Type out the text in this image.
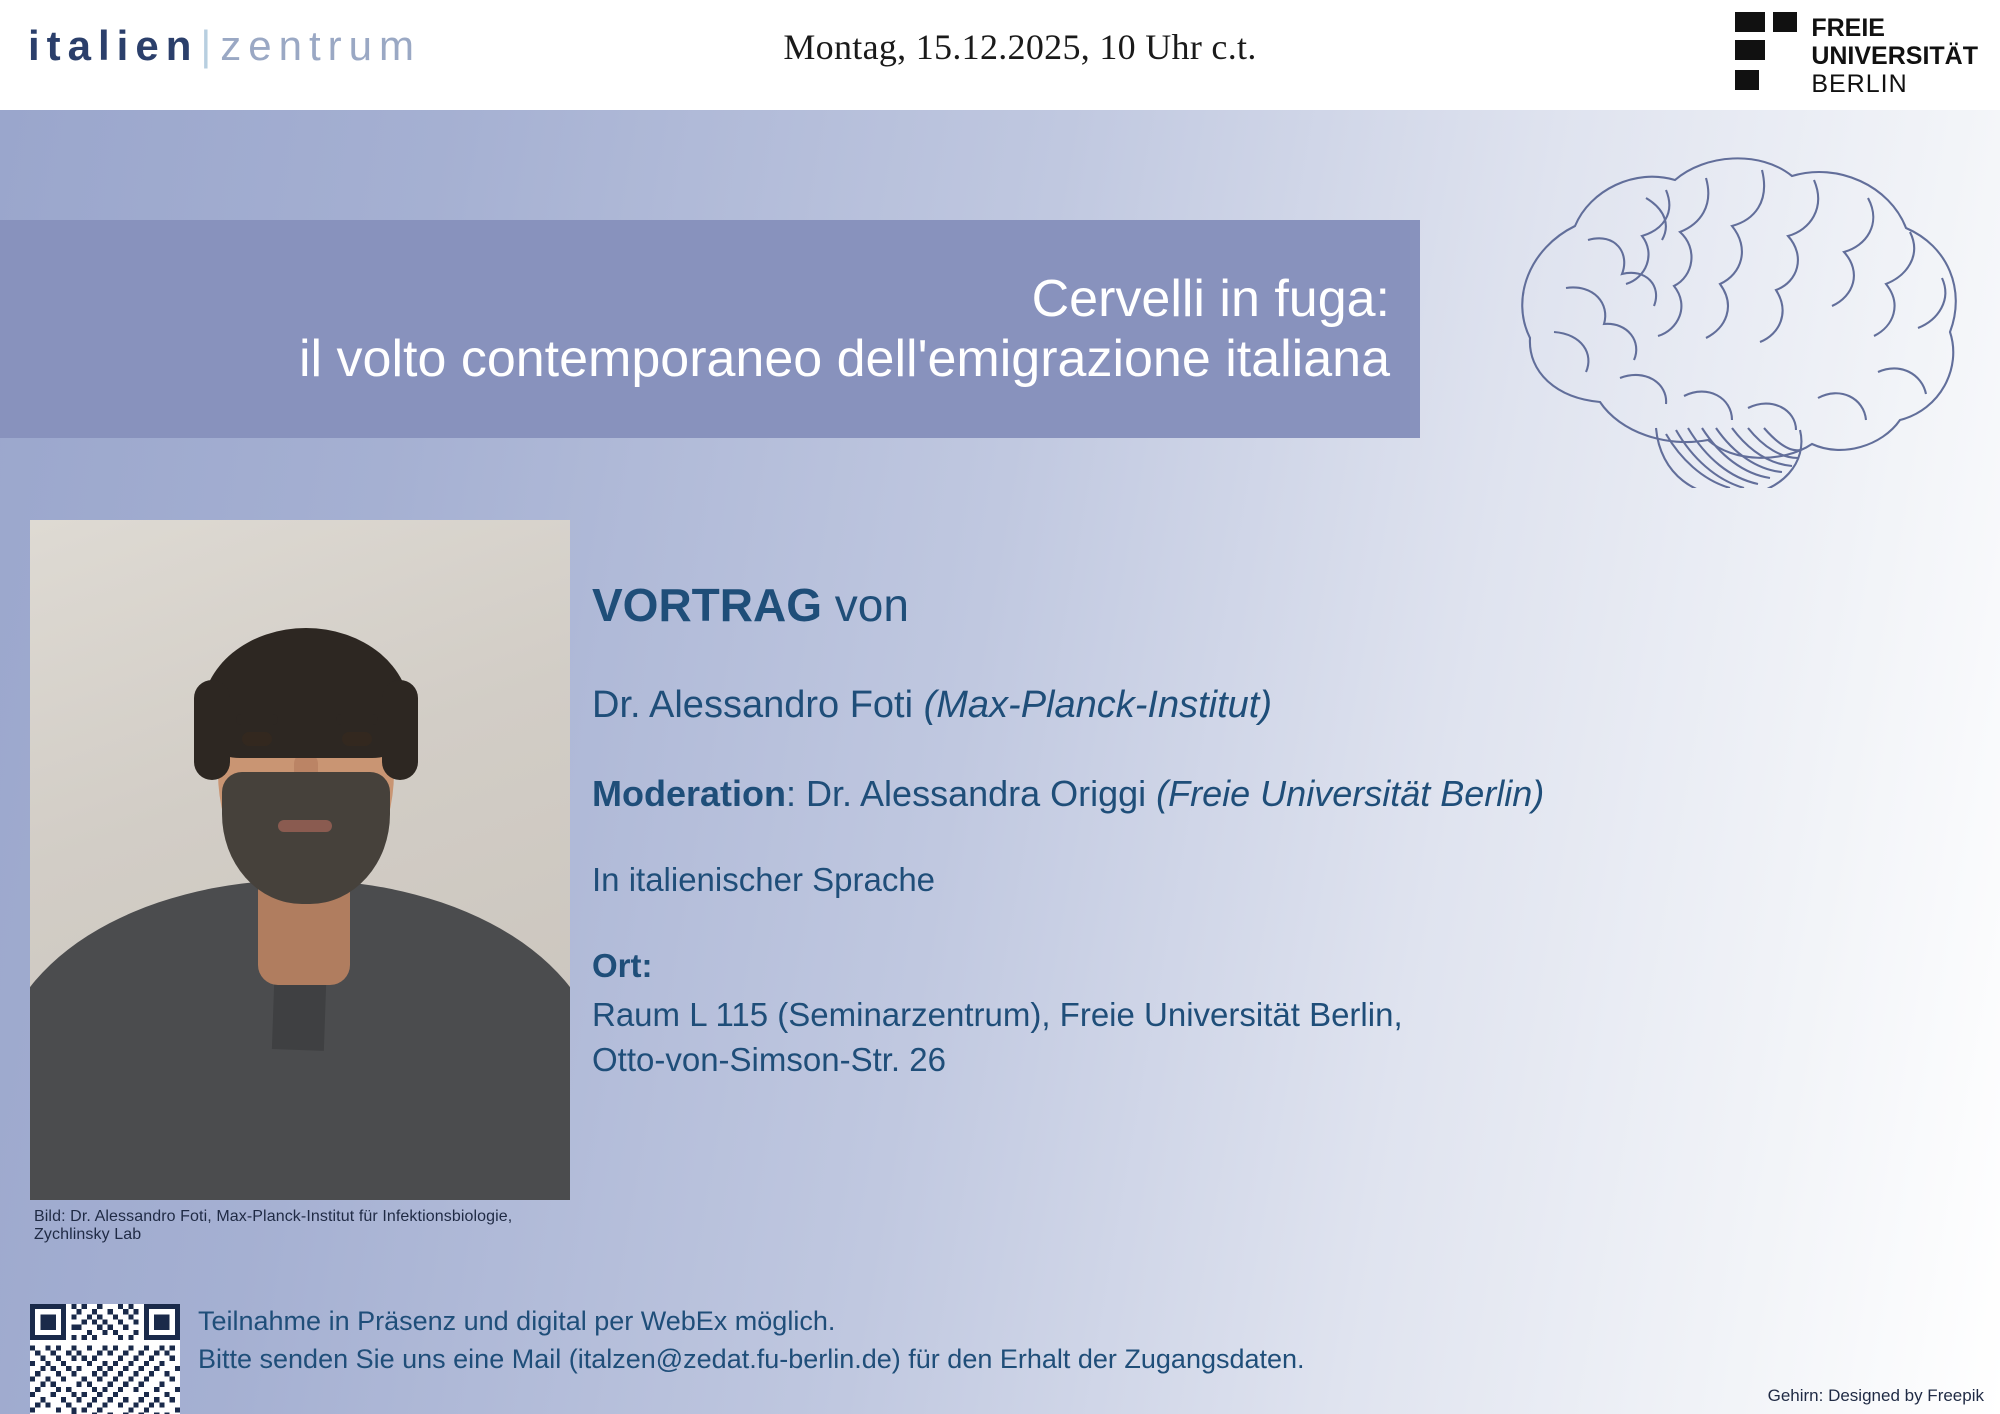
italien|zentrum	Montag, 15.12.2025, 10 Uhr c.t.	FREIE
UNIVERSITÄT
BERLIN
Cervelli in fuga:
il volto contemporaneo dell'emigrazione italiana
Bild: Dr. Alessandro Foti, Max-Planck-Institut für Infektionsbiologie, Zychlinsky Lab
VORTRAG von
Dr. Alessandro Foti (Max-Planck-Institut)
Moderation: Dr. Alessandra Origgi (Freie Universität Berlin)
In italienischer Sprache
Ort:
Raum L 115 (Seminarzentrum), Freie Universität Berlin,
Otto-von-Simson-Str. 26
Teilnahme in Präsenz und digital per WebEx möglich.
Bitte senden Sie uns eine Mail (italzen@zedat.fu-berlin.de) für den Erhalt der Zugangsdaten.
Gehirn: Designed by Freepik
